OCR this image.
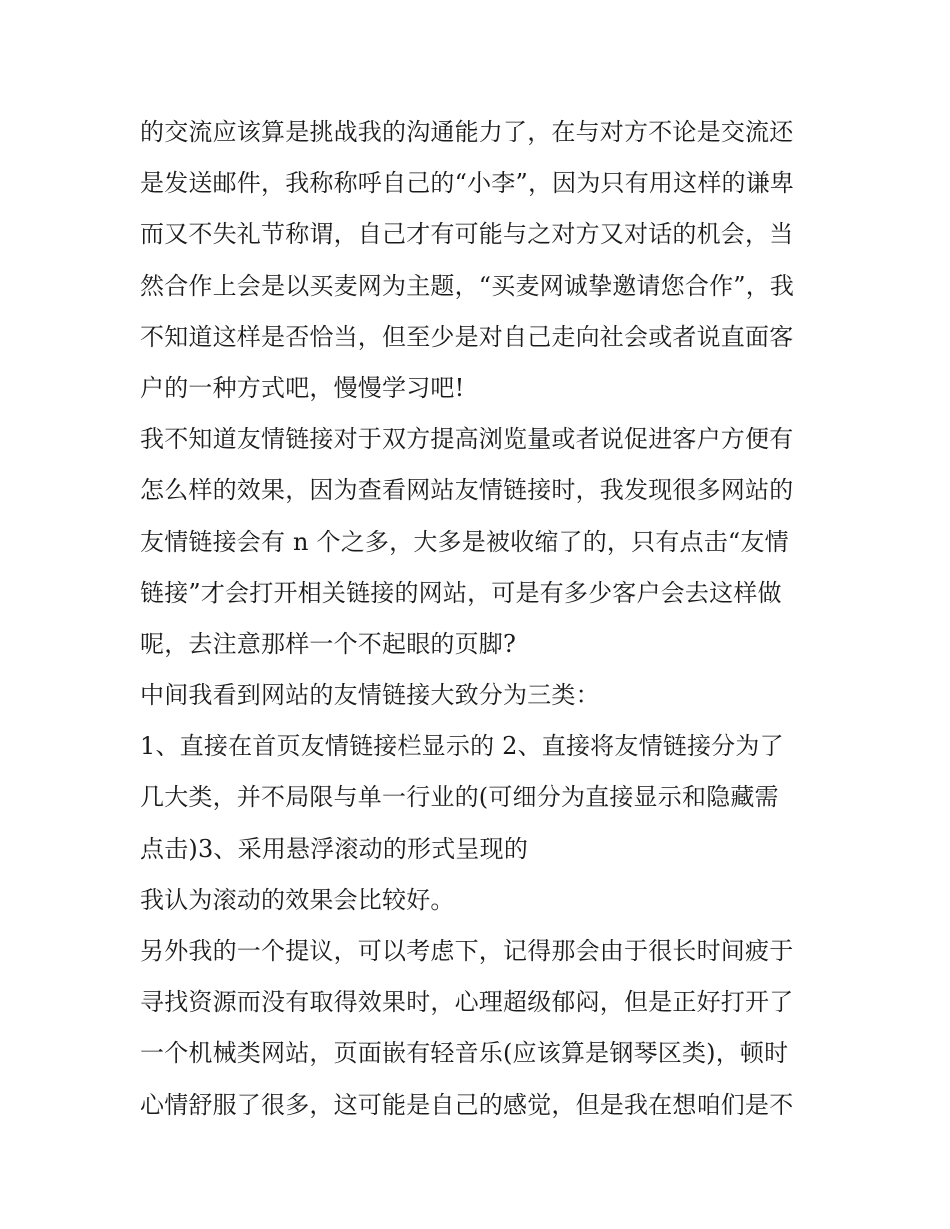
的交流应该算是挑战我的沟通能力了，在与对方不论是交流还
是发送邮件，我称称呼自己的“小李”，因为只有用这样的谦卑
而又不失礼节称谓，自己才有可能与之对方又对话的机会，当
然合作上会是以买麦网为主题，“买麦网诚挚邀请您合作”，我
不知道这样是否恰当，但至少是对自己走向社会或者说直面客
户的一种方式吧，慢慢学习吧!
我不知道友情链接对于双方提高浏览量或者说促进客户方便有
怎么样的效果，因为查看网站友情链接时，我发现很多网站的
友情链接会有 n 个之多，大多是被收缩了的，只有点击“友情
链接”才会打开相关链接的网站，可是有多少客户会去这样做
呢，去注意那样一个不起眼的页脚?
中间我看到网站的友情链接大致分为三类：
1、直接在首页友情链接栏显示的 2、直接将友情链接分为了
几大类，并不局限与单一行业的(可细分为直接显示和隐藏需
点击)3、采用悬浮滚动的形式呈现的
我认为滚动的效果会比较好。
另外我的一个提议，可以考虑下，记得那会由于很长时间疲于
寻找资源而没有取得效果时，心理超级郁闷，但是正好打开了
一个机械类网站，页面嵌有轻音乐(应该算是钢琴区类)，顿时
心情舒服了很多，这可能是自己的感觉，但是我在想咱们是不
